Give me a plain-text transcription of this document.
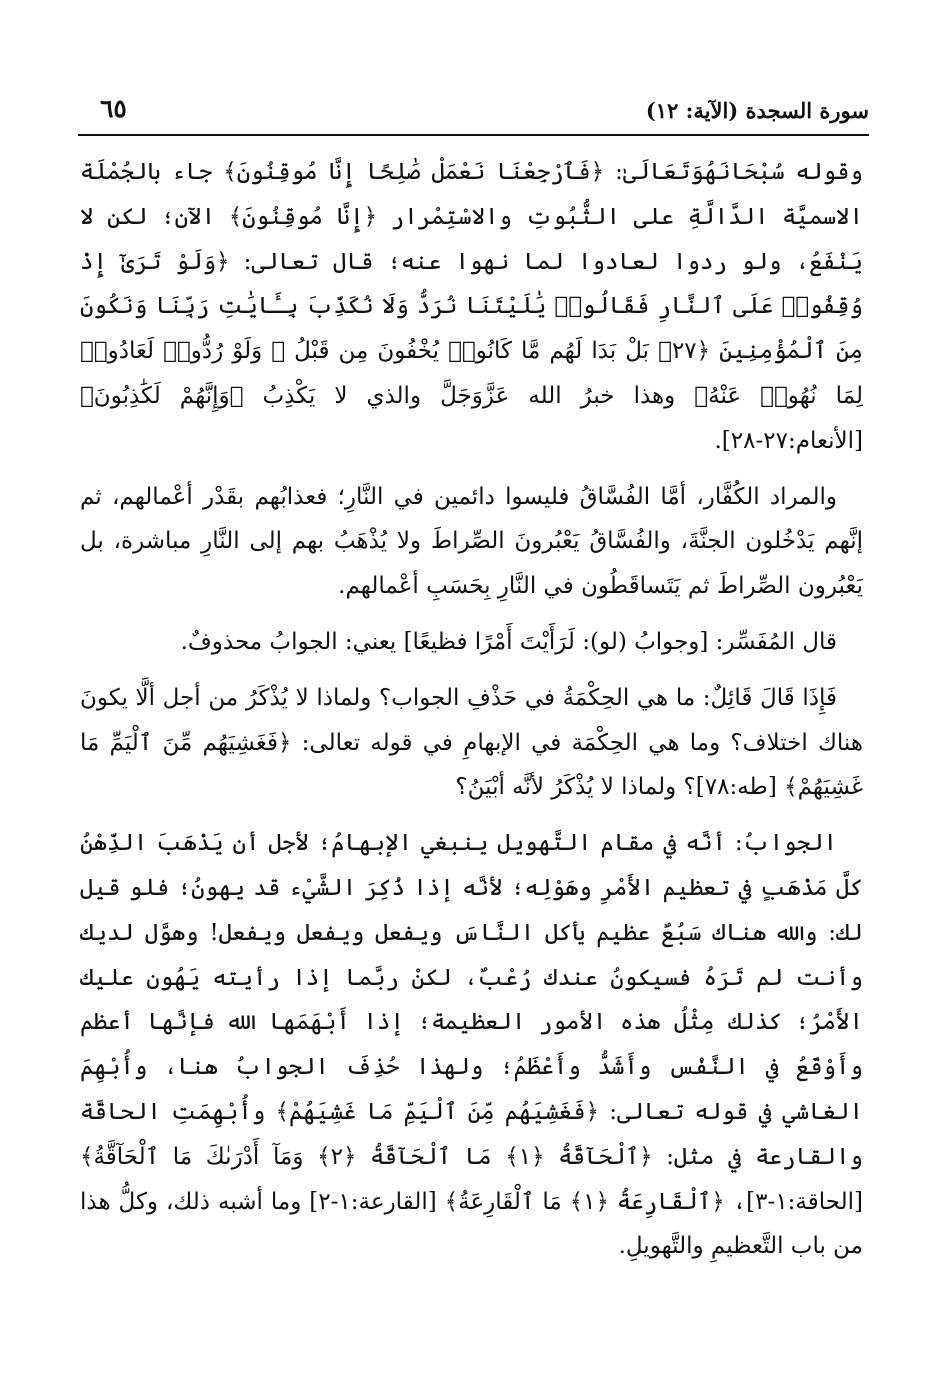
سورة السجدة (الآية: ١٢)
٦٥

وقوله سُبْحَانَهُوَتَعَالَىٰ: ﴿فَٱرْجِعْنَا نَعْمَلْ صَٰلِحًا إِنَّا مُوقِنُونَ﴾ جاء بالجُمْلَة الاسميَّة الدَّالَّةِ على الثُّبُوتِ والاسْتِمْرار ﴿إِنَّا مُوقِنُونَ﴾ الآن؛ لكن لا يَنْفَعُ، ولو ردوا لعادوا لما نهوا عنه؛ قال تعالى: ﴿وَلَوْ تَرَىٰٓ إِذْ وُقِفُوا۟ عَلَى ٱلنَّارِ فَقَالُوا۟ يَٰلَيْتَنَا نُرَدُّ وَلَا نُكَذِّبَ بِـَٔايَٰتِ رَبِّنَا وَنَكُونَ مِنَ ٱلْمُؤْمِنِينَ ﴿٢٧﴾ بَلْ بَدَا لَهُم مَّا كَانُوا۟ يُخْفُونَ مِن قَبْلُ ۖ وَلَوْ رُدُّوا۟ لَعَادُوا۟ لِمَا نُهُوا۟ عَنْهُ﴾ وهذا خبرُ الله عَزَّوَجَلَّ والذي لا يَكْذِبُ ﴿وَإِنَّهُمْ لَكَٰذِبُونَ﴾ [الأنعام:٢٧-٢٨].

والمراد الكُفَّار، أمَّا الفُسَّاقُ فليسوا دائمين في النَّارِ؛ فعذابُهم بقَدْر أعْمالهم، ثم إنَّهم يَدْخُلون الجنَّةَ، والفُسَّاقُ يَعْبُرونَ الصِّراطَ ولا يُذْهَبُ بهم إلى النَّارِ مباشرة، بل يَعْبُرون الصِّراطَ ثم يَتَساقَطُون في النَّارِ بِحَسَبِ أعْمالهم.

قال المُفَسِّر: [وجوابُ (لو): لَرَأَيْتَ أَمْرًا فظيعًا] يعني: الجوابُ محذوفٌ.

فَإِذَا قَالَ قَائِلٌ: ما هي الحِكْمَةُ في حَذْفِ الجواب؟ ولماذا لا يُذْكَرُ من أجل ألَّا يكونَ هناك اختلاف؟ وما هي الحِكْمَة في الإبهامِ في قوله تعالى: ﴿فَغَشِيَهُم مِّنَ ٱلْيَمِّ مَا غَشِيَهُمْ﴾ [طه:٧٨]؟ ولماذا لا يُذْكَرُ لأنَّه أبْيَنُ؟

الجوابُ: أنَّه في مقام التَّهويل ينبغي الإبهامُ؛ لأجل أن يَذْهَبَ الذِّهْنُ كلَّ مَذْهَبٍ في تعظيم الأَمْرِ وهَوْلِه؛ لأنَّه إذا ذُكِرَ الشَّيْء قد يهونُ؛ فلو قيل لك: والله هناك سَبُعٌ عظيم يأكل النَّاسَ ويفعل ويفعل ويفعل! وهوَّل لديك وأنت لم تَرَهُ فسيكونُ عندك رُعْبٌ، لكنْ ربَّما إذا رأيته يَهُون عليك الأَمْرُ؛ كذلك مِثْلُ هذه الأمور العظيمة؛ إذا أَبْهَمَها الله فإنَّها أعظم وأَوْقَعُ في النَّفْس وأَشَدُّ وأَعْظَمُ؛ ولهذا حُذِفَ الجوابُ هنا، وأُبْهِمَ الغاشي في قوله تعالى: ﴿فَغَشِيَهُم مِّنَ ٱلْيَمِّ مَا غَشِيَهُمْ﴾ وأُبْهِمَتِ الحاقَّة والقارعة في مثل: ﴿ٱلْحَآقَّةُ ﴿١﴾ مَا ٱلْحَآقَّةُ ﴿٢﴾ وَمَآ أَدْرَىٰكَ مَا ٱلْحَآقَّةُ﴾ [الحاقة:١-٣]، ﴿ٱلْقَارِعَةُ ﴿١﴾ مَا ٱلْقَارِعَةُ﴾ [القارعة:١-٢] وما أشبه ذلك، وكلُّ هذا من باب التَّعظيمِ والتَّهويلِ.
